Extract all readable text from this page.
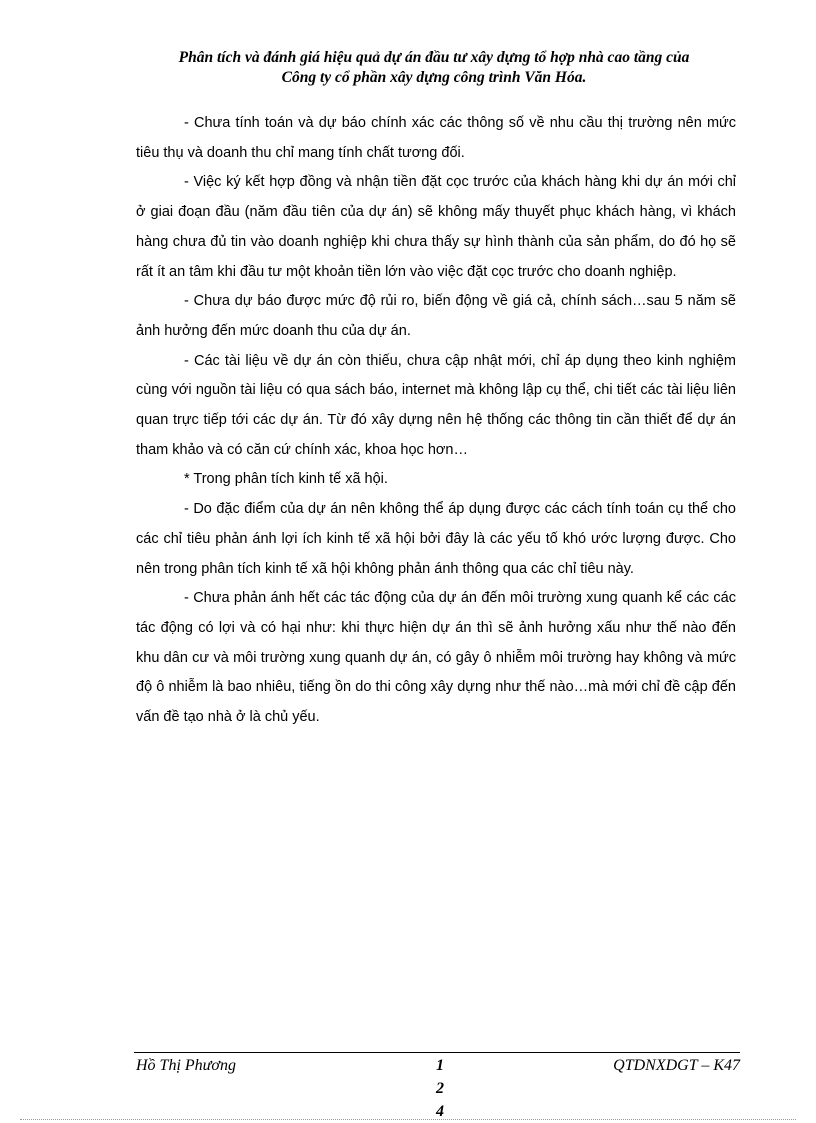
Phân tích và đánh giá hiệu quả dự án đầu tư xây dựng tổ hợp nhà cao tầng của
Công ty cổ phần xây dựng công trình Văn Hóa.

- Chưa tính toán và dự báo chính xác các thông số về nhu cầu thị trường nên mức tiêu thụ và doanh thu chỉ mang tính chất tương đối.

- Việc ký kết hợp đồng và nhận tiền đặt cọc trước của khách hàng khi dự án mới chỉ ở giai đoạn đầu (năm đầu tiên của dự án) sẽ không mấy thuyết phục khách hàng, vì khách hàng chưa đủ tin vào doanh nghiệp khi chưa thấy sự hình thành của sản phẩm, do đó họ sẽ rất ít an tâm khi đầu tư một khoản tiền lớn vào việc đặt cọc trước cho doanh nghiệp.

- Chưa dự báo được mức độ rủi ro, biến động về giá cả, chính sách…sau 5 năm sẽ ảnh hưởng đến mức doanh thu của dự án.

- Các tài liệu về dự án còn thiếu, chưa cập nhật mới, chỉ áp dụng theo kinh nghiệm cùng với nguồn tài liệu có qua sách báo, internet mà không lập cụ thể, chi tiết các tài liệu liên quan trực tiếp tới các dự án. Từ đó xây dựng nên hệ thống các thông tin cần thiết để dự án tham khảo và có căn cứ chính xác, khoa học hơn…

* Trong phân tích kinh tế xã hội.

- Do đặc điểm của dự án nên không thể áp dụng được các cách tính toán cụ thể cho các chỉ tiêu phản ánh lợi ích kinh tế xã hội bởi đây là các yếu tố khó ước lượng được. Cho nên trong phân tích kinh tế xã hội không phản ánh thông qua các chỉ tiêu này.

- Chưa phản ánh hết các tác động của dự án đến môi trường xung quanh kể các các tác động có lợi và có hại như: khi thực hiện dự án thì sẽ ảnh hưởng xấu như thế nào đến khu dân cư và môi trường xung quanh dự án, có gây ô nhiễm môi trường hay không và mức độ ô nhiễm là bao nhiêu, tiếng ồn do thi công xây dựng như thế nào…mà mới chỉ đề cập đến vấn đề tạo nhà ở là chủ yếu.

Hồ Thị Phương	1
2
4
QTDNXDGT – K47
